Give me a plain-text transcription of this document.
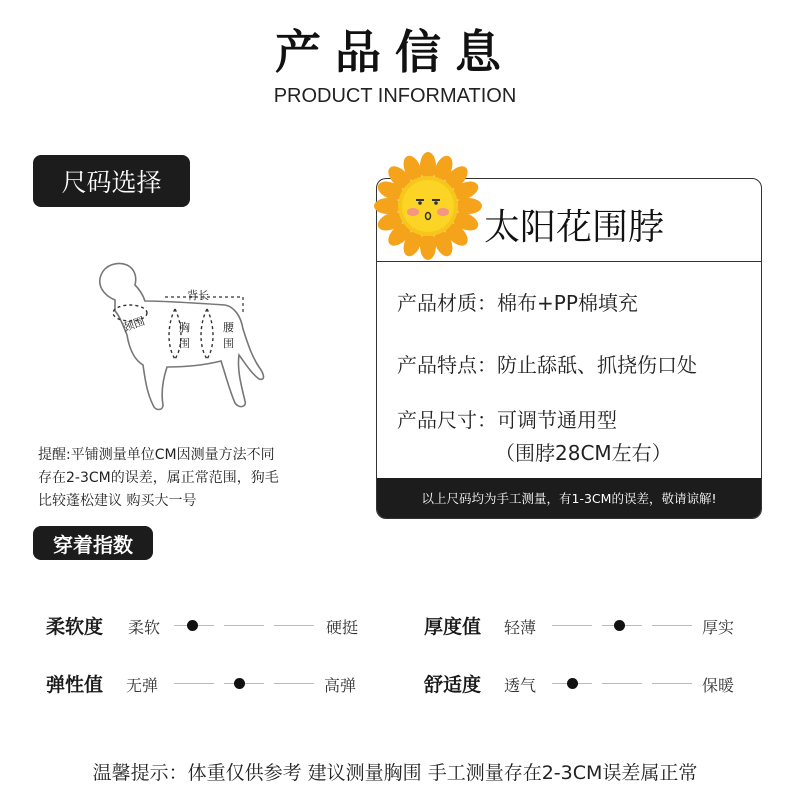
产品信息
PRODUCT INFORMATION
尺码选择
背长
颈围	胸
围
腰
围
提醒:平铺测量单位CM因测量方法不同
存在2-3CM的误差，属正常范围，狗毛
比较蓬松建议 购买大一号
太阳花围脖
产品材质：棉布+PP棉填充
产品特点：防止舔舐、抓挠伤口处
产品尺寸：可调节通用型
（围脖28CM左右）
以上尺码均为手工测量，有1-3CM的误差，敬请谅解!
穿着指数
柔软度 柔软	硬挺	厚度值 轻薄	厚实
弹性值 无弹	高弹	舒适度 透气	保暖
温馨提示：体重仅供参考 建议测量胸围 手工测量存在2-3CM误差属正常
